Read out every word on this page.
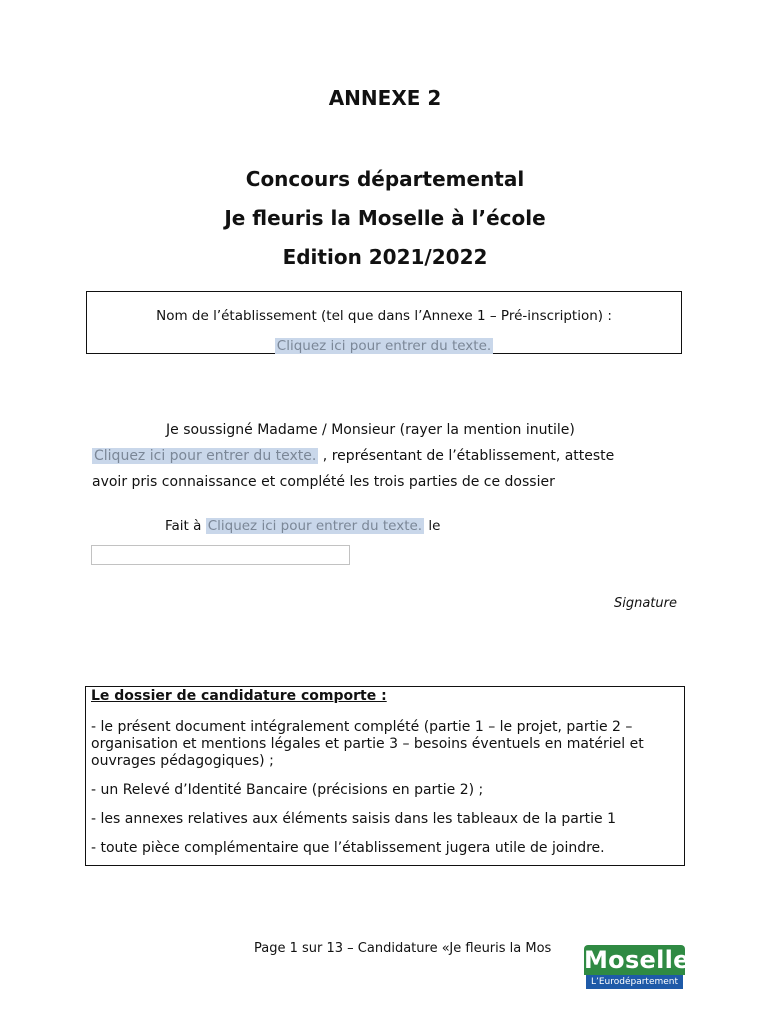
ANNEXE 2
Concours départemental
Je fleuris la Moselle à l’école
Edition 2021/2022
Nom de l’établissement (tel que dans l’Annexe 1 – Pré-inscription) :
Cliquez ici pour entrer du texte.
Je soussigné Madame / Monsieur (rayer la mention inutile)
Cliquez ici pour entrer du texte. , représentant de l’établissement, atteste
avoir pris connaissance et complété les trois parties de ce dossier
Fait à Cliquez ici pour entrer du texte. le
Signature
Le dossier de candidature comporte :
- le présent document intégralement complété (partie 1 – le projet, partie 2 – organisation et mentions légales et partie 3 – besoins éventuels en matériel et ouvrages pédagogiques) ;
- un Relevé d’Identité Bancaire (précisions en partie 2) ;
- les annexes relatives aux éléments saisis dans les tableaux de la partie 1
- toute pièce complémentaire que l’établissement jugera utile de joindre.
Page 1 sur 13 – Candidature «Je fleuris la Mos Moselle
L’Eurodépartement
